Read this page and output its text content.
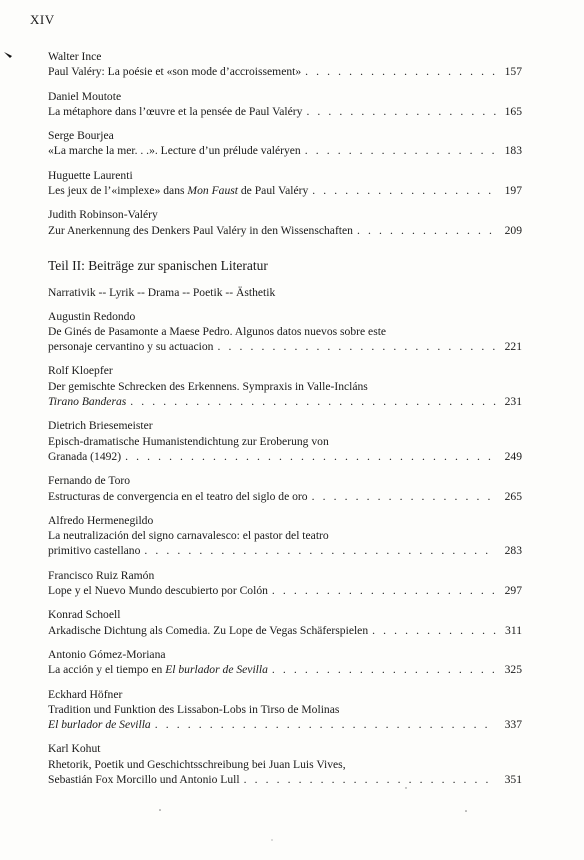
XIV
Walter Ince
Paul Valéry: La poésie et «son mode d’accroissement» . . .	157
Daniel Moutote
La métaphore dans l’œuvre et la pensée de Paul Valéry . . .	165
Serge Bourjea
«La marche la mer. . .». Lecture d’un prélude valéryen . . .	183
Huguette Laurenti
Les jeux de l’«implexe» dans Mon Faust de Paul Valéry . . .	197
Judith Robinson-Valéry
Zur Anerkennung des Denkers Paul Valéry in den Wissenschaften . . .	209
Teil II: Beiträge zur spanischen Literatur
Narrativik -- Lyrik -- Drama -- Poetik -- Ästhetik
Augustin Redondo
De Ginés de Pasamonte a Maese Pedro. Algunos datos nuevos sobre este
personaje cervantino y su actuacion . . .	221
Rolf Kloepfer
Der gemischte Schrecken des Erkennens. Sympraxis in Valle-Incláns
Tirano Banderas . . .	231
Dietrich Briesemeister
Episch-dramatische Humanistendichtung zur Eroberung von
Granada (1492) . . .	249
Fernando de Toro
Estructuras de convergencia en el teatro del siglo de oro . . .	265
Alfredo Hermenegildo
La neutralización del signo carnavalesco: el pastor del teatro
primitivo castellano . . .	283
Francisco Ruiz Ramón
Lope y el Nuevo Mundo descubierto por Colón . . .	297
Konrad Schoell
Arkadische Dichtung als Comedia. Zu Lope de Vegas Schäferspielen . . .	311
Antonio Gómez-Moriana
La acción y el tiempo en El burlador de Sevilla . . .	325
Eckhard Höfner
Tradition und Funktion des Lissabon-Lobs in Tirso de Molinas
El burlador de Sevilla . . .	337
Karl Kohut
Rhetorik, Poetik und Geschichtsschreibung bei Juan Luis Vives,
Sebastián Fox Morcillo und Antonio Lull . . .	351
